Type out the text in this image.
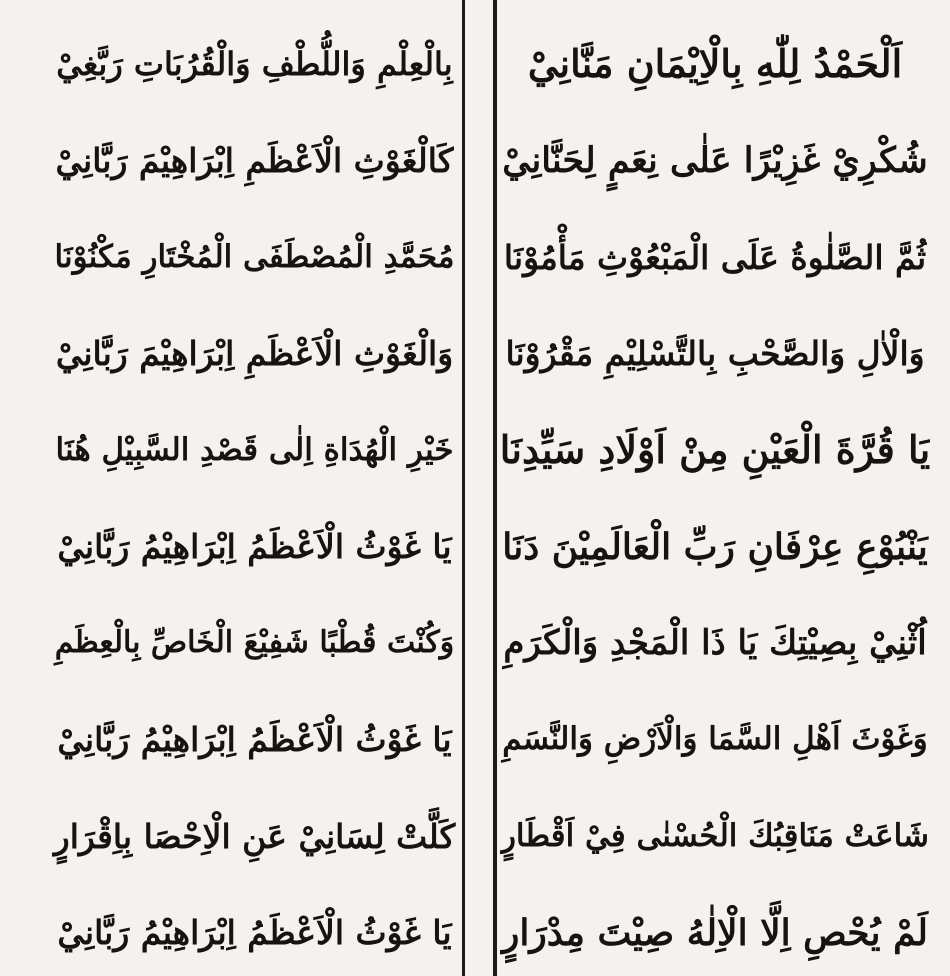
اَلْحَمْدُ لِلّٰهِ بِالْاِيْمَانِ مَنَّانِيْ
شُكْرِيْ غَزِيْرًا عَلٰى نِعَمٍ لِحَنَّانِيْ
ثُمَّ الصَّلٰوةُ عَلَى الْمَبْعُوْثِ مَأْمُوْنَا
وَالْاٰلِ وَالصَّحْبِ بِالتَّسْلِيْمِ مَقْرُوْنَا
يَا قُرَّةَ الْعَيْنِ مِنْ اَوْلَادِ سَيِّدِنَا
يَنْبُوْعِ عِرْفَانِ رَبِّ الْعَالَمِيْنَ دَنَا
اُثْنِيْ بِصِيْتِكَ يَا ذَا الْمَجْدِ وَالْكَرَمِ
وَغَوْثَ اَهْلِ السَّمَا وَالْاَرْضِ وَالنَّسَمِ
شَاعَتْ مَنَاقِبُكَ الْحُسْنٰى فِيْ اَقْطَارٍ
لَمْ يُحْصِ اِلَّا الْاِلٰهُ صِيْتَ مِدْرَارٍ
بِالْعِلْمِ وَاللُّطْفِ وَالْقُرُبَاتِ رَبَّغِيْ
كَالْغَوْثِ الْاَعْظَمِ اِبْرَاهِيْمَ رَبَّانِيْ
مُحَمَّدِ الْمُصْطَفَى الْمُخْتَارِ مَكْنُوْنَا
وَالْغَوْثِ الْاَعْظَمِ اِبْرَاهِيْمَ رَبَّانِيْ
خَيْرِ الْهُدَاةِ اِلٰى قَصْدِ السَّبِيْلِ هُنَا
يَا غَوْثُ الْاَعْظَمُ اِبْرَاهِيْمُ رَبَّانِيْ
وَكُنْتَ قُطْبًا شَفِيْعَ الْخَاصِّ بِالْعِظَمِ
يَا غَوْثُ الْاَعْظَمُ اِبْرَاهِيْمُ رَبَّانِيْ
كَلَّتْ لِسَانِيْ عَنِ الْاِحْصَا بِاِقْرَارٍ
يَا غَوْثُ الْاَعْظَمُ اِبْرَاهِيْمُ رَبَّانِيْ
